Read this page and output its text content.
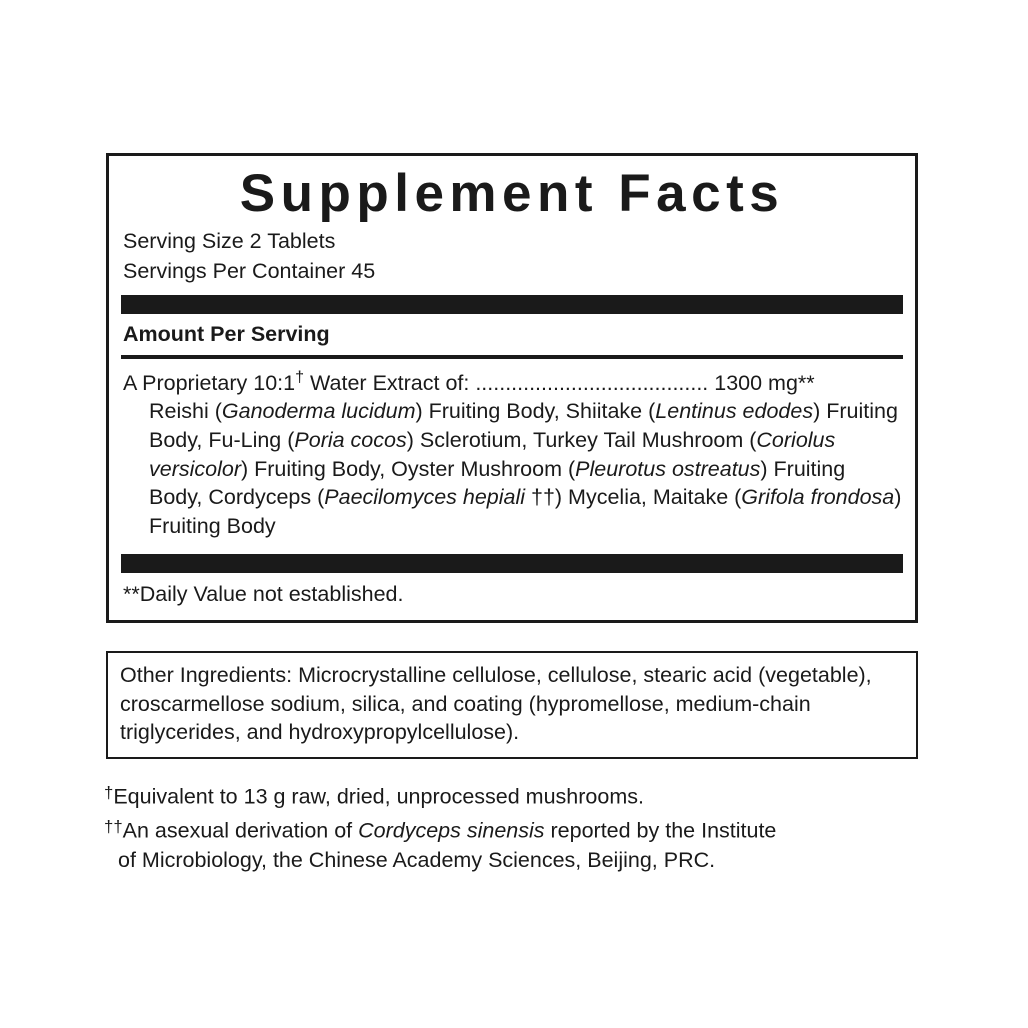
Supplement Facts
Serving Size 2 Tablets
Servings Per Container 45
Amount Per Serving
A Proprietary 10:1† Water Extract of: ....................................... 1300 mg**
Reishi (Ganoderma lucidum) Fruiting Body, Shiitake (Lentinus edodes) Fruiting Body, Fu-Ling (Poria cocos) Sclerotium, Turkey Tail Mushroom (Coriolus versicolor) Fruiting Body, Oyster Mushroom (Pleurotus ostreatus) Fruiting Body, Cordyceps (Paecilomyces hepiali ††) Mycelia, Maitake (Grifola frondosa) Fruiting Body
**Daily Value not established.
Other Ingredients: Microcrystalline cellulose, cellulose, stearic acid (vegetable), croscarmellose sodium, silica, and coating (hypromellose, medium-chain triglycerides, and hydroxypropylcellulose).
†Equivalent to 13 g raw, dried, unprocessed mushrooms.
††An asexual derivation of Cordyceps sinensis reported by the Institute
of Microbiology, the Chinese Academy Sciences, Beijing, PRC.
